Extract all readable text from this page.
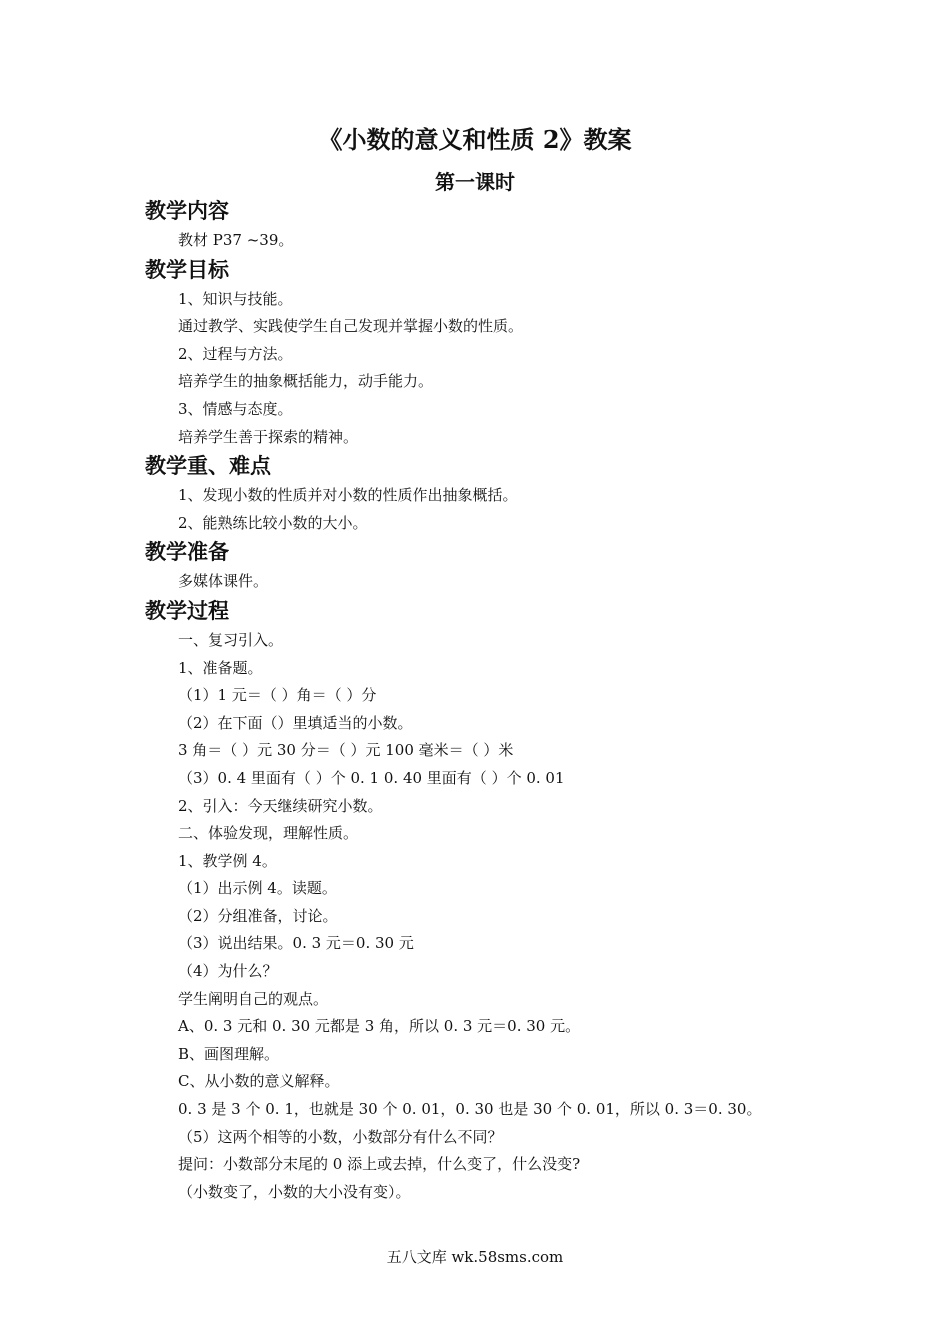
《小数的意义和性质 2》教案
第一课时
教学内容
教材 P37 ~39。
教学目标
1、知识与技能。
通过教学、实践使学生自己发现并掌握小数的性质。
2、过程与方法。
培养学生的抽象概括能力，动手能力。
3、情感与态度。
培养学生善于探索的精神。
教学重、难点
1、发现小数的性质并对小数的性质作出抽象概括。
2、能熟练比较小数的大小。
教学准备
多媒体课件。
教学过程
一、复习引入。
1、准备题。
（1）1 元＝（ ）角＝（ ）分
（2）在下面（）里填适当的小数。
3 角＝（ ）元 30 分＝（ ）元 100 毫米＝（ ）米
（3）0. 4 里面有（ ）个 0. 1 0. 40 里面有（ ）个 0. 01
2、引入：今天继续研究小数。
二、体验发现，理解性质。
1、教学例 4。
（1）出示例 4。读题。
（2）分组准备，讨论。
（3）说出结果。0. 3 元＝0. 30 元
（4）为什么？
学生阐明自己的观点。
A、0. 3 元和 0. 30 元都是 3 角，所以 0. 3 元＝0. 30 元。
B、画图理解。
C、从小数的意义解释。
0. 3 是 3 个 0. 1，也就是 30 个 0. 01，0. 30 也是 30 个 0. 01，所以 0. 3＝0. 30。
（5）这两个相等的小数，小数部分有什么不同？
提问：小数部分末尾的 0 添上或去掉，什么变了，什么没变?
（小数变了，小数的大小没有变）。
五八文库 wk.58sms.com
